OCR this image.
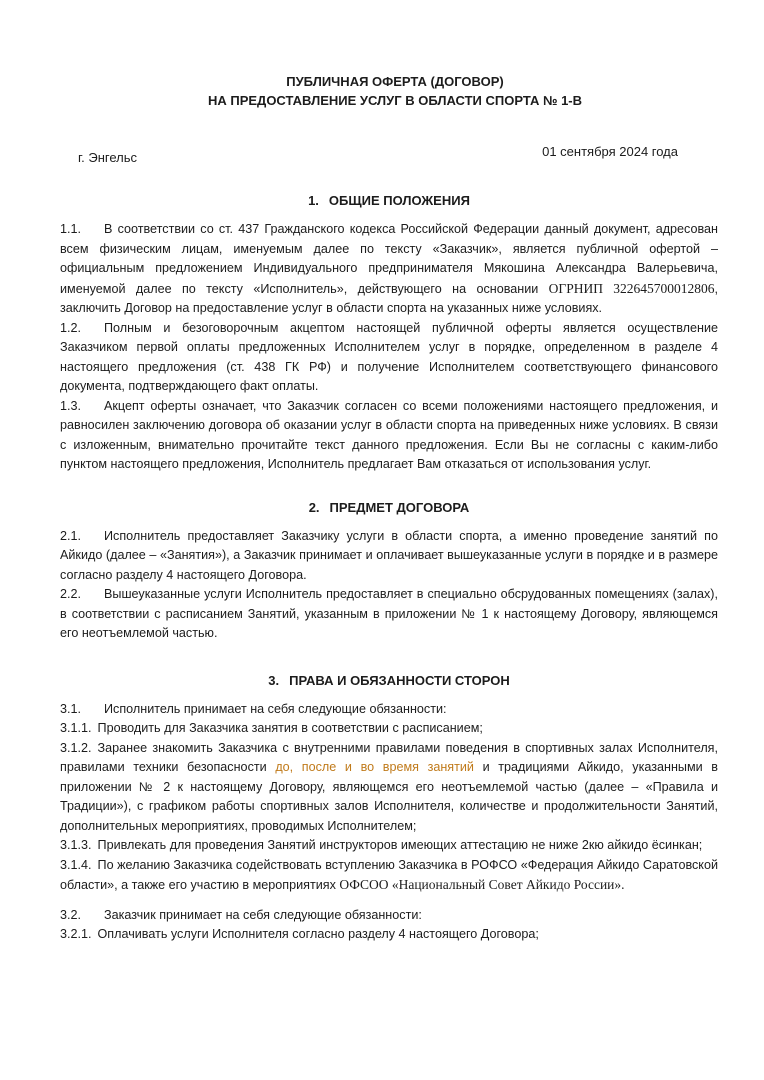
ПУБЛИЧНАЯ ОФЕРТА (ДОГОВОР)
НА ПРЕДОСТАВЛЕНИЕ УСЛУГ В ОБЛАСТИ СПОРТА № 1-В
г. Энгельс	01 сентября 2024 года
1. ОБЩИЕ ПОЛОЖЕНИЯ

1.1. В соответствии со ст. 437 Гражданского кодекса Российской Федерации данный документ, адресован всем физическим лицам, именуемым далее по тексту «Заказчик», является публичной офертой – официальным предложением Индивидуального предпринимателя Мякошина Александра Валерьевича, именуемой далее по тексту «Исполнитель», действующего на основании ОГРНИП 322645700012806, заключить Договор на предоставление услуг в области спорта на указанных ниже условиях.

1.2. Полным и безоговорочным акцептом настоящей публичной оферты является осуществление Заказчиком первой оплаты предложенных Исполнителем услуг в порядке, определенном в разделе 4 настоящего предложения (ст. 438 ГК РФ) и получение Исполнителем соответствующего финансового документа, подтверждающего факт оплаты.

1.3. Акцепт оферты означает, что Заказчик согласен со всеми положениями настоящего предложения, и равносилен заключению договора об оказании услуг в области спорта на приведенных ниже условиях. В связи с изложенным, внимательно прочитайте текст данного предложения. Если Вы не согласны с каким-либо пунктом настоящего предложения, Исполнитель предлагает Вам отказаться от использования услуг.

2. ПРЕДМЕТ ДОГОВОРА

2.1. Исполнитель предоставляет Заказчику услуги в области спорта, а именно проведение занятий по Айкидо (далее – «Занятия»), а Заказчик принимает и оплачивает вышеуказанные услуги в порядке и в размере согласно разделу 4 настоящего Договора.

2.2. Вышеуказанные услуги Исполнитель предоставляет в специально обсрудованных помещениях (залах), в соответствии с расписанием Занятий, указанным в приложении № 1 к настоящему Договору, являющемся его неотъемлемой частью.

3. ПРАВА И ОБЯЗАННОСТИ СТОРОН

3.1. Исполнитель принимает на себя следующие обязанности:

3.1.1. Проводить для Заказчика занятия в соответствии с расписанием;

3.1.2. Заранее знакомить Заказчика с внутренними правилами поведения в спортивных залах Исполнителя, правилами техники безопасности до, после и во время занятий и традициями Айкидо, указанными в приложении № 2 к настоящему Договору, являющемся его неотъемлемой частью (далее – «Правила и Традиции»), с графиком работы спортивных залов Исполнителя, количестве и продолжительности Занятий, дополнительных мероприятиях, проводимых Исполнителем;

3.1.3. Привлекать для проведения Занятий инструкторов имеющих аттестацию не ниже 2кю айкидо ёсинкан;

3.1.4. По желанию Заказчика содействовать вступлению Заказчика в РОФСО «Федерация Айкидо Саратовской области», а также его участию в мероприятиях ОФСОО «Национальный Совет Айкидо России».

3.2. Заказчик принимает на себя следующие обязанности:

3.2.1. Оплачивать услуги Исполнителя согласно разделу 4 настоящего Договора;
